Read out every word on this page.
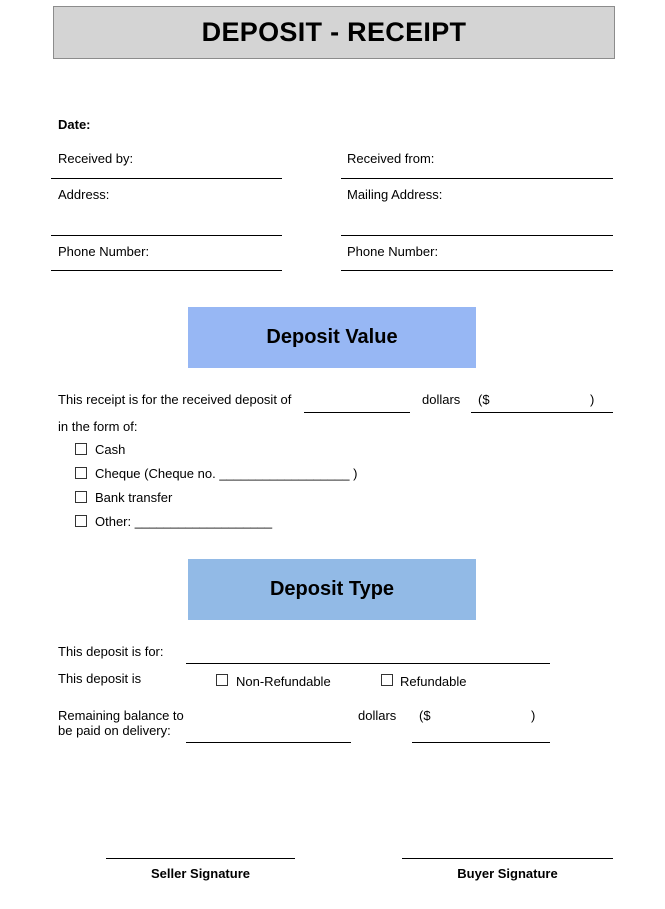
DEPOSIT - RECEIPT
Date:
Received by:	Received from:
Address:	Mailing Address:
Phone Number:	Phone Number:
Deposit Value
This receipt is for the received deposit of	dollars ($	)
in the form of:
Cash
Cheque (Cheque no. __________________ )
Bank transfer
Other: ___________________
Deposit Type
This deposit is for:
This deposit is	Non-Refundable	Refundable
Remaining balance to
be paid on delivery:
dollars ($	)
Seller Signature	Buyer Signature
